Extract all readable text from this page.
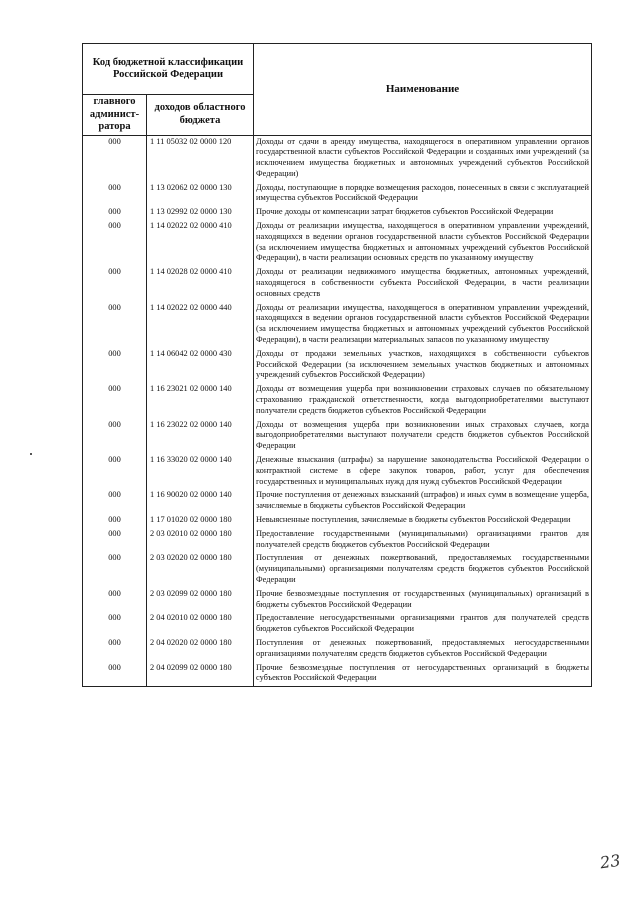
Код бюджетной классификации Российской Федерации		Наименование
главного админист-ратора	доходов областного бюджета	
000	1 11 05032 02 0000 120	Доходы от сдачи в аренду имущества, находящегося в оперативном управлении органов государственной власти субъектов Российской Федерации и созданных ими учреждений (за исключением имущества бюджетных и автономных учреждений субъектов Российской Федерации)
000	1 13 02062 02 0000 130	Доходы, поступающие в порядке возмещения расходов, понесенных в связи с эксплуатацией имущества субъектов Российской Федерации
000	1 13 02992 02 0000 130	Прочие доходы от компенсации затрат бюджетов субъектов Российской Федерации
000	1 14 02022 02 0000 410	Доходы от реализации имущества, находящегося в оперативном управлении учреждений, находящихся в ведении органов государственной власти субъектов Российской Федерации (за исключением имущества бюджетных и автономных учреждений субъектов Российской Федерации), в части реализации основных средств по указанному имуществу
000	1 14 02028 02 0000 410	Доходы от реализации недвижимого имущества бюджетных, автономных учреждений, находящегося в собственности субъекта Российской Федерации, в части реализации основных средств
000	1 14 02022 02 0000 440	Доходы от реализации имущества, находящегося в оперативном управлении учреждений, находящихся в ведении органов государственной власти субъектов Российской Федерации (за исключением имущества бюджетных и автономных учреждений субъектов Российской Федерации), в части реализации материальных запасов по указанному имуществу
000	1 14 06042 02 0000 430	Доходы от продажи земельных участков, находящихся в собственности субъектов Российской Федерации (за исключением земельных участков бюджетных и автономных учреждений субъектов Российской Федерации)
000	1 16 23021 02 0000 140	Доходы от возмещения ущерба при возникновении страховых случаев по обязательному страхованию гражданской ответственности, когда выгодоприобретателями выступают получатели средств бюджетов субъектов Российской Федерации
000	1 16 23022 02 0000 140	Доходы от возмещения ущерба при возникновении иных страховых случаев, когда выгодоприобретателями выступают получатели средств бюджетов субъектов Российской Федерации
000	1 16 33020 02 0000 140	Денежные взыскания (штрафы) за нарушение законодательства Российской Федерации о контрактной системе в сфере закупок товаров, работ, услуг для обеспечения государственных и муниципальных нужд для нужд субъектов Российской Федерации
000	1 16 90020 02 0000 140	Прочие поступления от денежных взысканий (штрафов) и иных сумм в возмещение ущерба, зачисляемые в бюджеты субъектов Российской Федерации
000	1 17 01020 02 0000 180	Невыясненные поступления, зачисляемые в бюджеты субъектов Российской Федерации
000	2 03 02010 02 0000 180	Предоставление государственными (муниципальными) организациями грантов для получателей средств бюджетов субъектов Российской Федерации
000	2 03 02020 02 0000 180	Поступления от денежных пожертвований, предоставляемых государственными (муниципальными) организациями получателям средств бюджетов субъектов Российской Федерации
000	2 03 02099 02 0000 180	Прочие безвозмездные поступления от государственных (муниципальных) организаций в бюджеты субъектов Российской Федерации
000	2 04 02010 02 0000 180	Предоставление негосударственными организациями грантов для получателей средств бюджетов субъектов Российской Федерации
000	2 04 02020 02 0000 180	Поступления от денежных пожертвований, предоставляемых негосударственными организациями получателям средств бюджетов субъектов Российской Федерации
000	2 04 02099 02 0000 180	Прочие безвозмездные поступления от негосударственных организаций в бюджеты субъектов Российской Федерации
23
